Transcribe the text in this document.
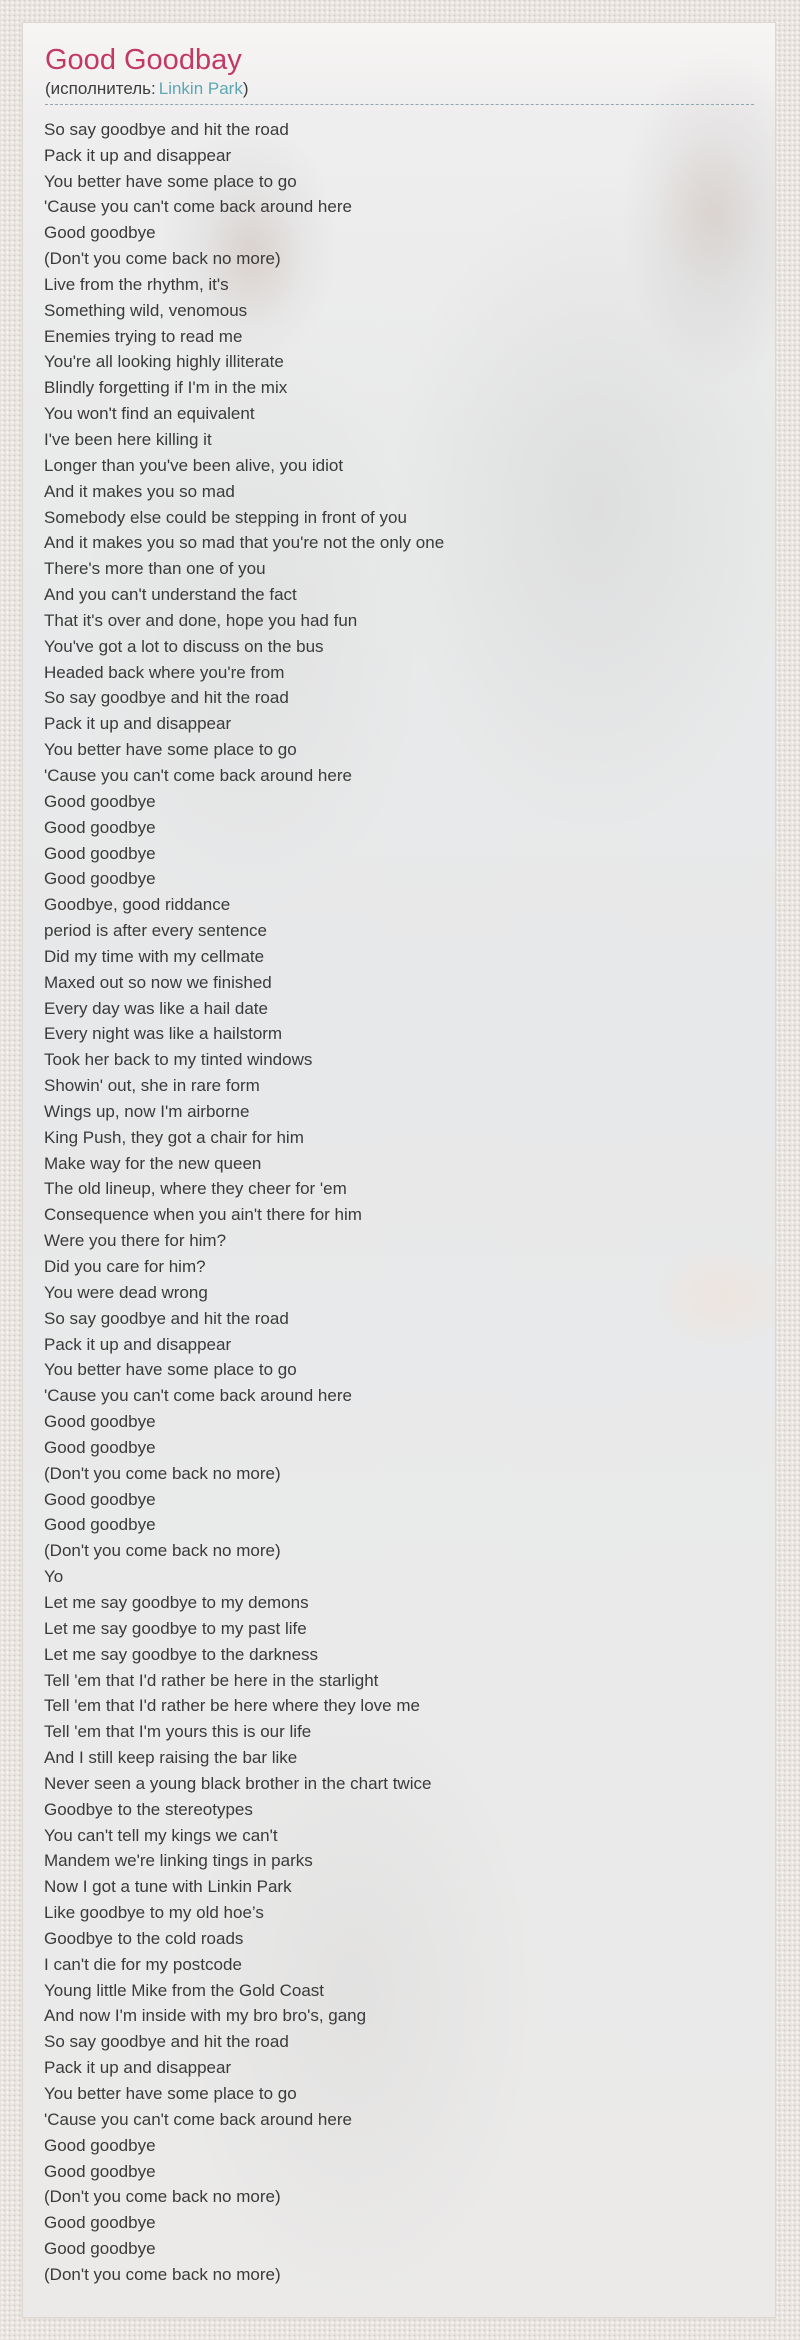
Good Goodbay
(исполнитель: Linkin Park)
So say goodbye and hit the road
Pack it up and disappear
You better have some place to go
'Cause you can't come back around here
Good goodbye
(Don't you come back no more)
Live from the rhythm, it's
Something wild, venomous
Enemies trying to read me
You're all looking highly illiterate
Blindly forgetting if I'm in the mix
You won't find an equivalent
I've been here killing it
Longer than you've been alive, you idiot
And it makes you so mad
Somebody else could be stepping in front of you
And it makes you so mad that you're not the only one
There's more than one of you
And you can't understand the fact
That it's over and done, hope you had fun
You've got a lot to discuss on the bus
Headed back where you're from
So say goodbye and hit the road
Pack it up and disappear
You better have some place to go
'Cause you can't come back around here
Good goodbye
Good goodbye
Good goodbye
Good goodbye
Goodbye, good riddance
period is after every sentence
Did my time with my cellmate
Maxed out so now we finished
Every day was like a hail date
Every night was like a hailstorm
Took her back to my tinted windows
Showin' out, she in rare form
Wings up, now I'm airborne
King Push, they got a chair for him
Make way for the new queen
The old lineup, where they cheer for 'em
Consequence when you ain't there for him
Were you there for him?
Did you care for him?
You were dead wrong
So say goodbye and hit the road
Pack it up and disappear
You better have some place to go
'Cause you can't come back around here
Good goodbye
Good goodbye
(Don't you come back no more)
Good goodbye
Good goodbye
(Don't you come back no more)
Yo
Let me say goodbye to my demons
Let me say goodbye to my past life
Let me say goodbye to the darkness
Tell 'em that I'd rather be here in the starlight
Tell 'em that I'd rather be here where they love me
Tell 'em that I'm yours this is our life
And I still keep raising the bar like
Never seen a young black brother in the chart twice
Goodbye to the stereotypes
You can't tell my kings we can't
Mandem we're linking tings in parks
Now I got a tune with Linkin Park
Like goodbye to my old hoe’s
Goodbye to the cold roads
I can't die for my postcode
Young little Mike from the Gold Coast
And now I'm inside with my bro bro's, gang
So say goodbye and hit the road
Pack it up and disappear
You better have some place to go
'Cause you can't come back around here
Good goodbye
Good goodbye
(Don't you come back no more)
Good goodbye
Good goodbye
(Don't you come back no more)
